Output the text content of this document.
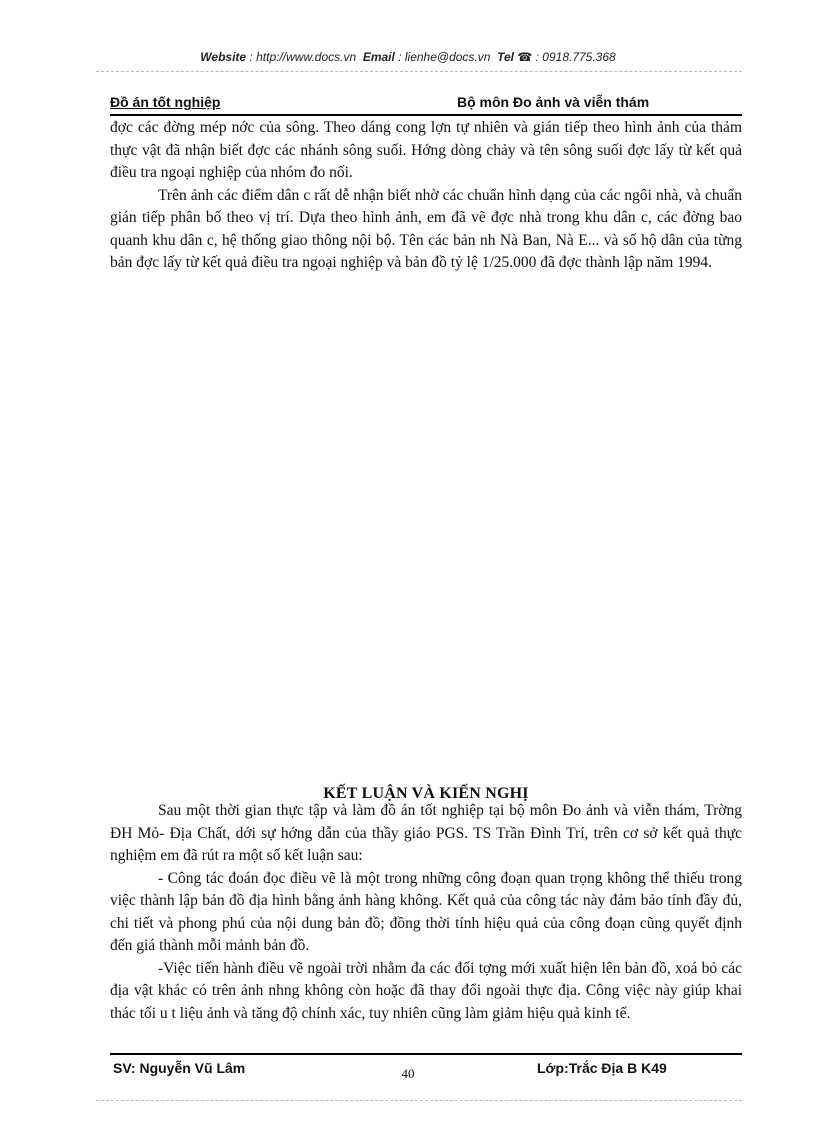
Website : http://www.docs.vn Email : lienhe@docs.vn Tel ☎ : 0918.775.368
Đồ án tốt nghiệp	Bộ môn Đo ảnh và viễn thám

đợc các đờng mép nớc của sông. Theo dáng cong lợn tự nhiên và gián tiếp theo hình ảnh của thảm thực vật đã nhận biết đợc các nhánh sông suối. Hớng dòng chảy và tên sông suối đợc lấy từ kết quả điều tra ngoại nghiệp của nhóm đo nối.

Trên ảnh các điểm dân c rất dễ nhận biết nhờ các chuẩn hình dạng của các ngôi nhà, và chuẩn gián tiếp phân bố theo vị trí. Dựa theo hình ảnh, em đã vẽ đợc nhà trong khu dân c, các đờng bao quanh khu dân c, hệ thống giao thông nội bộ. Tên các bản nh Nà Ban, Nà E... và số hộ dân của từng bản đợc lấy từ kết quả điều tra ngoại nghiệp và bản đồ tỷ lệ 1/25.000 đã đợc thành lập năm 1994.

KẾT LUẬN VÀ KIẾN NGHỊ

Sau một thời gian thực tập và làm đồ án tốt nghiệp tại bộ môn Đo ảnh và viễn thám, Trờng ĐH Mỏ- Địa Chất, dới sự hớng dẫn của thầy giáo PGS. TS Trần Đình Trí, trên cơ sở kết quả thực nghiệm em đã rút ra một số kết luận sau:

- Công tác đoán đọc điều vẽ là một trong những công đoạn quan trọng không thể thiếu trong việc thành lập bản đồ địa hình bằng ảnh hàng không. Kết quả của công tác này đảm bảo tính đầy đủ, chi tiết và phong phú của nội dung bản đồ; đồng thời tính hiệu quả của công đoạn cũng quyết định đến giá thành mỗi mảnh bản đồ.

-Việc tiến hành điều vẽ ngoài trời nhằm đa các đối tợng mới xuất hiện lên bản đồ, xoá bỏ các địa vật khác có trên ảnh nhng không còn hoặc đã thay đổi ngoài thực địa. Công việc này giúp khai thác tối u t liệu ảnh và tăng độ chính xác, tuy nhiên cũng làm giảm hiệu quả kinh tế.

SV: Nguyễn Vũ Lâm	40	Lớp:Trắc Địa B K49
